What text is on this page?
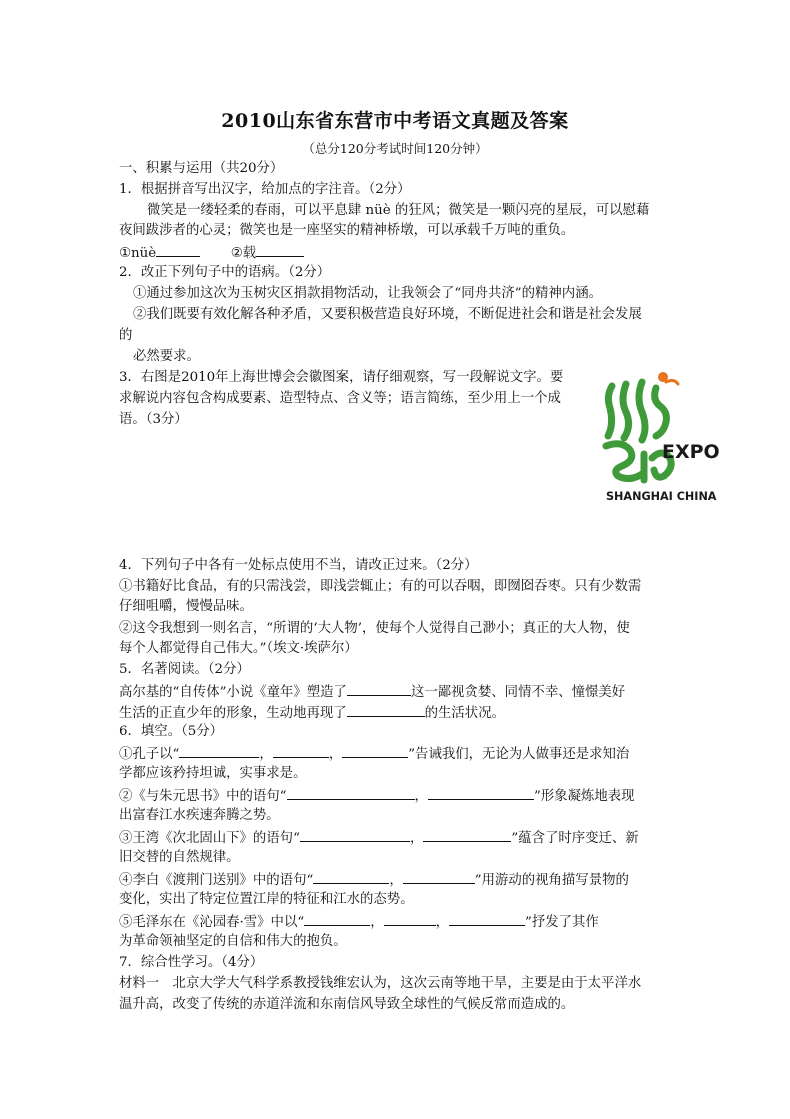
2010山东省东营市中考语文真题及答案
（总分120分考试时间120分钟）
一、积累与运用（共20分）
1．根据拼音写出汉字，给加点的字注音。（2分）
微笑是一缕轻柔的春雨，可以平息肆 nüè 的狂风；微笑是一颗闪亮的星辰，可以慰藉
夜间跋涉者的心灵；微笑也是一座坚实的精神桥墩，可以承载千万吨的重负。
①nüè	②载
2．改正下列句子中的语病。（2分）
①通过参加这次为玉树灾区捐款捐物活动，让我领会了“同舟共济”的精神内涵。
②我们既要有效化解各种矛盾，又要积极营造良好环境，不断促进社会和谐是社会发展
的
必然要求。
3．右图是2010年上海世博会会徽图案，请仔细观察，写一段解说文字。要
求解说内容包含构成要素、造型特点、含义等；语言简练，至少用上一个成
语。（3分）
EXPO
SHANGHAI CHINA
4．下列句子中各有一处标点使用不当，请改正过来。（2分）
①书籍好比食品，有的只需浅尝，即浅尝辄止；有的可以吞咽，即囫囵吞枣。只有少数需
仔细咀嚼，慢慢品味。
②这令我想到一则名言，“所谓的‘大人物’，使每个人觉得自己渺小；真正的大人物，使
每个人都觉得自己伟大。”（埃文·埃萨尔）
5．名著阅读。（2分）
高尔基的“自传体”小说《童年》塑造了	这一鄙视贪婪、同情不幸、憧憬美好
生活的正直少年的形象，生动地再现了	的生活状况。
6．填空。（5分）
①孔子以“	，	，	”告诫我们，无论为人做事还是求知治
学都应该矜持坦诚，实事求是。
②《与朱元思书》中的语句“	，	”形象凝炼地表现
出富春江水疾速奔腾之势。
③王湾《次北固山下》的语句“	，	”蕴含了时序变迁、新
旧交替的自然规律。
④李白《渡荆门送别》中的语句“	，	”用游动的视角描写景物的
变化，实出了特定位置江岸的特征和江水的态势。
⑤毛泽东在《沁园春·雪》中以“	，	，	”抒发了其作
为革命领袖坚定的自信和伟大的抱负。
7．综合性学习。（4分）
材料一　北京大学大气科学系教授钱维宏认为，这次云南等地干旱，主要是由于太平洋水
温升高，改变了传统的赤道洋流和东南信风导致全球性的气候反常而造成的。
